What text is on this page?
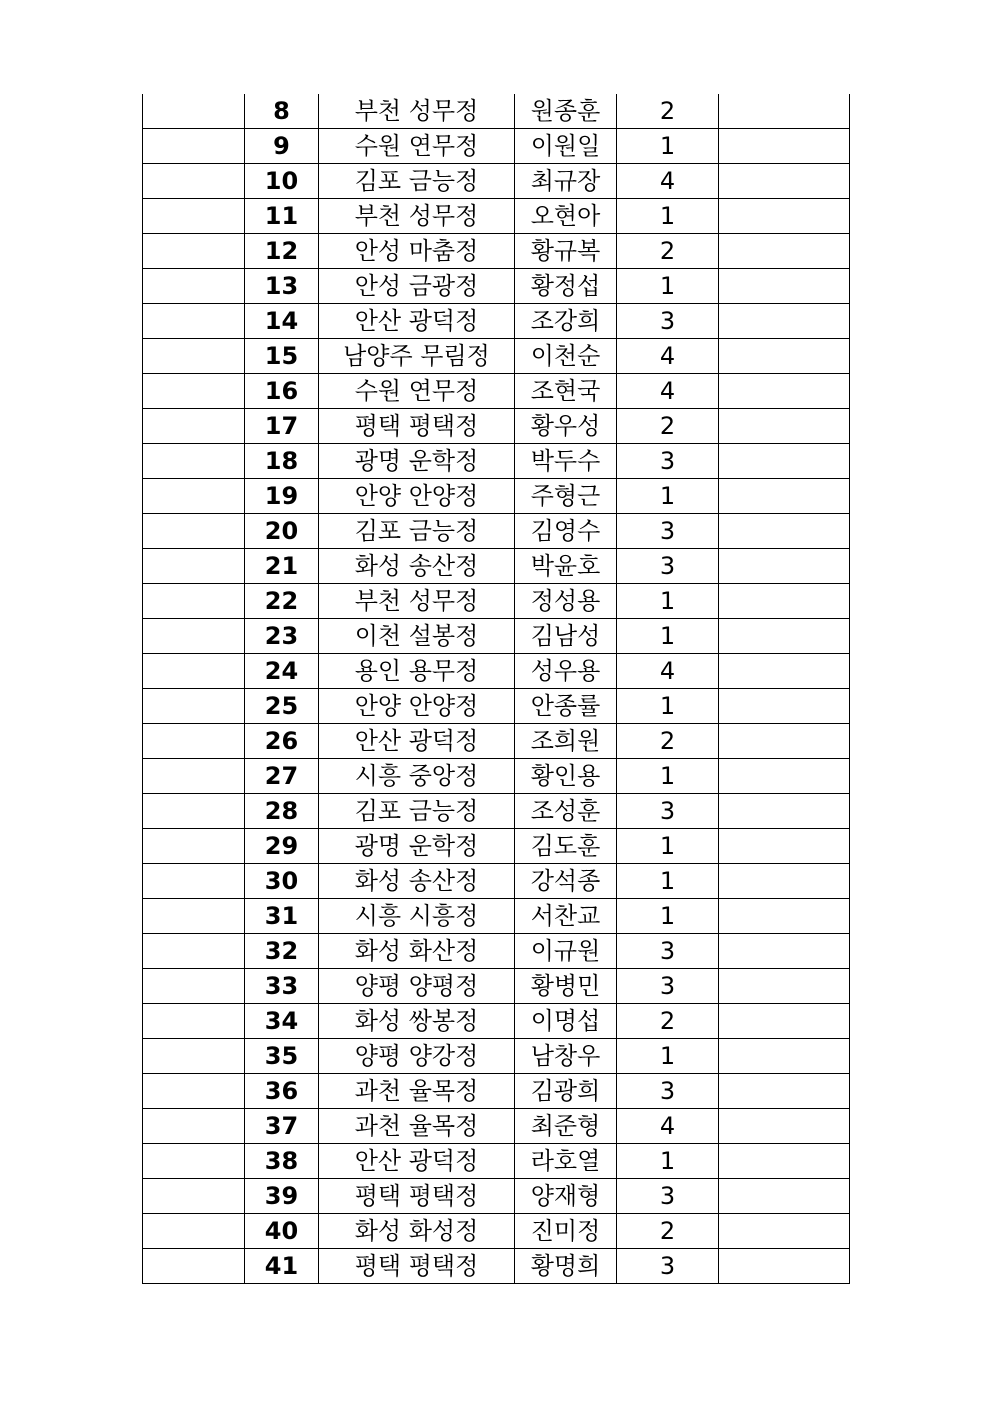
	8	부천 성무정	원종훈	2	
	9	수원 연무정	이원일	1	
	10	김포 금능정	최규장	4	
	11	부천 성무정	오현아	1	
	12	안성 마춤정	황규복	2	
	13	안성 금광정	황정섭	1	
	14	안산 광덕정	조강희	3	
	15	남양주 무림정	이천순	4	
	16	수원 연무정	조현국	4	
	17	평택 평택정	황우성	2	
	18	광명 운학정	박두수	3	
	19	안양 안양정	주형근	1	
	20	김포 금능정	김영수	3	
	21	화성 송산정	박윤호	3	
	22	부천 성무정	정성용	1	
	23	이천 설봉정	김남성	1	
	24	용인 용무정	성우용	4	
	25	안양 안양정	안종률	1	
	26	안산 광덕정	조희원	2	
	27	시흥 중앙정	황인용	1	
	28	김포 금능정	조성훈	3	
	29	광명 운학정	김도훈	1	
	30	화성 송산정	강석종	1	
	31	시흥 시흥정	서찬교	1	
	32	화성 화산정	이규원	3	
	33	양평 양평정	황병민	3	
	34	화성 쌍봉정	이명섭	2	
	35	양평 양강정	남창우	1	
	36	과천 율목정	김광희	3	
	37	과천 율목정	최준형	4	
	38	안산 광덕정	라호열	1	
	39	평택 평택정	양재형	3	
	40	화성 화성정	진미정	2	
	41	평택 평택정	황명희	3	
